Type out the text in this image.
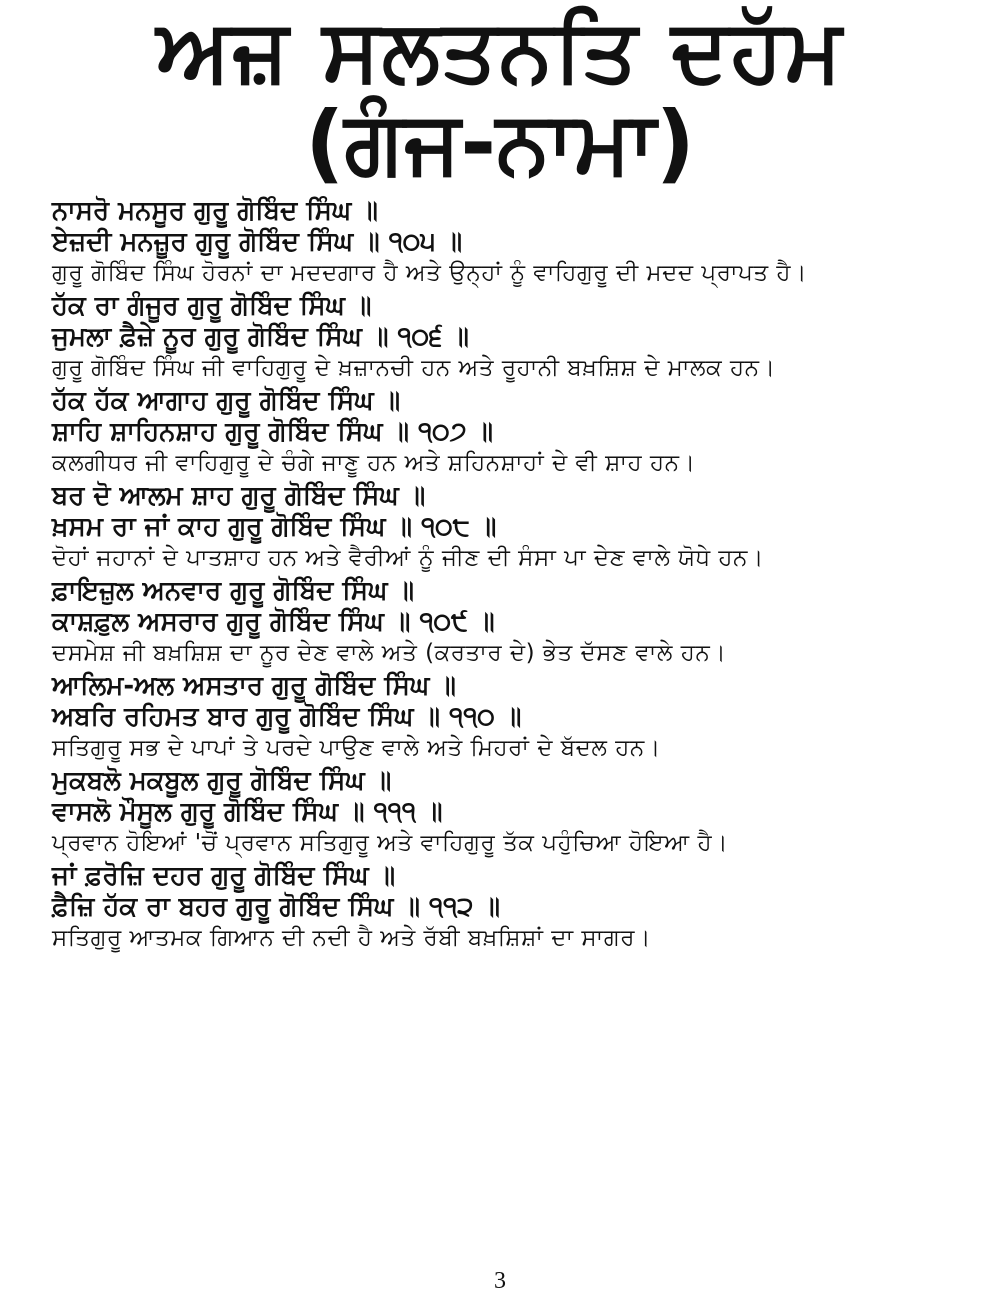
ਅਜ਼ ਸਲਤਨਤਿ ਦਹੱਮ
(ਗੰਜ-ਨਾਮਾ)
ਨਾਸਰੋ ਮਨਸੂਰ ਗੁਰੂ ਗੋਬਿੰਦ ਸਿੰਘ ॥
ਏਜ਼ਦੀ ਮਨਜ਼ੂਰ ਗੁਰੂ ਗੋਬਿੰਦ ਸਿੰਘ ॥ ੧੦੫ ॥

ਗੁਰੂ ਗੋਬਿੰਦ ਸਿੰਘ ਹੋਰਨਾਂ ਦਾ ਮਦਦਗਾਰ ਹੈ ਅਤੇ ਉਨ੍ਹਾਂ ਨੂੰ ਵਾਹਿਗੁਰੂ ਦੀ ਮਦਦ ਪ੍ਰਾਪਤ ਹੈ।

ਹੱਕ ਰਾ ਗੰਜੂਰ ਗੁਰੂ ਗੋਬਿੰਦ ਸਿੰਘ ॥
ਜੁਮਲਾ ਫ਼ੈਜ਼ੇ ਨੂਰ ਗੁਰੂ ਗੋਬਿੰਦ ਸਿੰਘ ॥ ੧੦੬ ॥

ਗੁਰੂ ਗੋਬਿੰਦ ਸਿੰਘ ਜੀ ਵਾਹਿਗੁਰੂ ਦੇ ਖ਼ਜ਼ਾਨਚੀ ਹਨ ਅਤੇ ਰੂਹਾਨੀ ਬਖ਼ਸ਼ਿਸ਼ ਦੇ ਮਾਲਕ ਹਨ।

ਹੱਕ ਹੱਕ ਆਗਾਹ ਗੁਰੂ ਗੋਬਿੰਦ ਸਿੰਘ ॥
ਸ਼ਾਹਿ ਸ਼ਾਹਿਨਸ਼ਾਹ ਗੁਰੂ ਗੋਬਿੰਦ ਸਿੰਘ ॥ ੧੦੭ ॥

ਕਲਗੀਧਰ ਜੀ ਵਾਹਿਗੁਰੂ ਦੇ ਚੰਗੇ ਜਾਣੂ ਹਨ ਅਤੇ ਸ਼ਹਿਨਸ਼ਾਹਾਂ ਦੇ ਵੀ ਸ਼ਾਹ ਹਨ।

ਬਰ ਦੋ ਆਲਮ ਸ਼ਾਹ ਗੁਰੂ ਗੋਬਿੰਦ ਸਿੰਘ ॥
ਖ਼ਸਮ ਰਾ ਜਾਂ ਕਾਹ ਗੁਰੂ ਗੋਬਿੰਦ ਸਿੰਘ ॥ ੧੦੮ ॥

ਦੋਹਾਂ ਜਹਾਨਾਂ ਦੇ ਪਾਤਸ਼ਾਹ ਹਨ ਅਤੇ ਵੈਰੀਆਂ ਨੂੰ ਜੀਣ ਦੀ ਸੰਸਾ ਪਾ ਦੇਣ ਵਾਲੇ ਯੋਧੇ ਹਨ।

ਫ਼ਾਇਜ਼ੁਲ ਅਨਵਾਰ ਗੁਰੂ ਗੋਬਿੰਦ ਸਿੰਘ ॥
ਕਾਸ਼ਫ਼ੁਲ ਅਸਰਾਰ ਗੁਰੂ ਗੋਬਿੰਦ ਸਿੰਘ ॥ ੧੦੯ ॥

ਦਸਮੇਸ਼ ਜੀ ਬਖ਼ਸ਼ਿਸ਼ ਦਾ ਨੂਰ ਦੇਣ ਵਾਲੇ ਅਤੇ (ਕਰਤਾਰ ਦੇ) ਭੇਤ ਦੱਸਣ ਵਾਲੇ ਹਨ।

ਆਲਿਮ-ਅਲ ਅਸਤਾਰ ਗੁਰੂ ਗੋਬਿੰਦ ਸਿੰਘ ॥
ਅਬਰਿ ਰਹਿਮਤ ਬਾਰ ਗੁਰੂ ਗੋਬਿੰਦ ਸਿੰਘ ॥ ੧੧੦ ॥

ਸਤਿਗੁਰੂ ਸਭ ਦੇ ਪਾਪਾਂ ਤੇ ਪਰਦੇ ਪਾਉਣ ਵਾਲੇ ਅਤੇ ਮਿਹਰਾਂ ਦੇ ਬੱਦਲ ਹਨ।

ਮੁਕਬਲੋ ਮਕਬੂਲ ਗੁਰੂ ਗੋਬਿੰਦ ਸਿੰਘ ॥
ਵਾਸਲੋ ਮੌਸੂਲ ਗੁਰੂ ਗੋਬਿੰਦ ਸਿੰਘ ॥ ੧੧੧ ॥

ਪ੍ਰਵਾਨ ਹੋਇਆਂ 'ਚੋਂ ਪ੍ਰਵਾਨ ਸਤਿਗੁਰੂ ਅਤੇ ਵਾਹਿਗੁਰੂ ਤੱਕ ਪਹੁੰਚਿਆ ਹੋਇਆ ਹੈ।

ਜਾਂ ਫ਼ਰੋਜ਼ਿ ਦਹਰ ਗੁਰੂ ਗੋਬਿੰਦ ਸਿੰਘ ॥
ਫ਼ੈਜ਼ਿ ਹੱਕ ਰਾ ਬਹਰ ਗੁਰੂ ਗੋਬਿੰਦ ਸਿੰਘ ॥ ੧੧੨ ॥

ਸਤਿਗੁਰੂ ਆਤਮਕ ਗਿਆਨ ਦੀ ਨਦੀ ਹੈ ਅਤੇ ਰੱਬੀ ਬਖ਼ਸ਼ਿਸ਼ਾਂ ਦਾ ਸਾਗਰ।

3
